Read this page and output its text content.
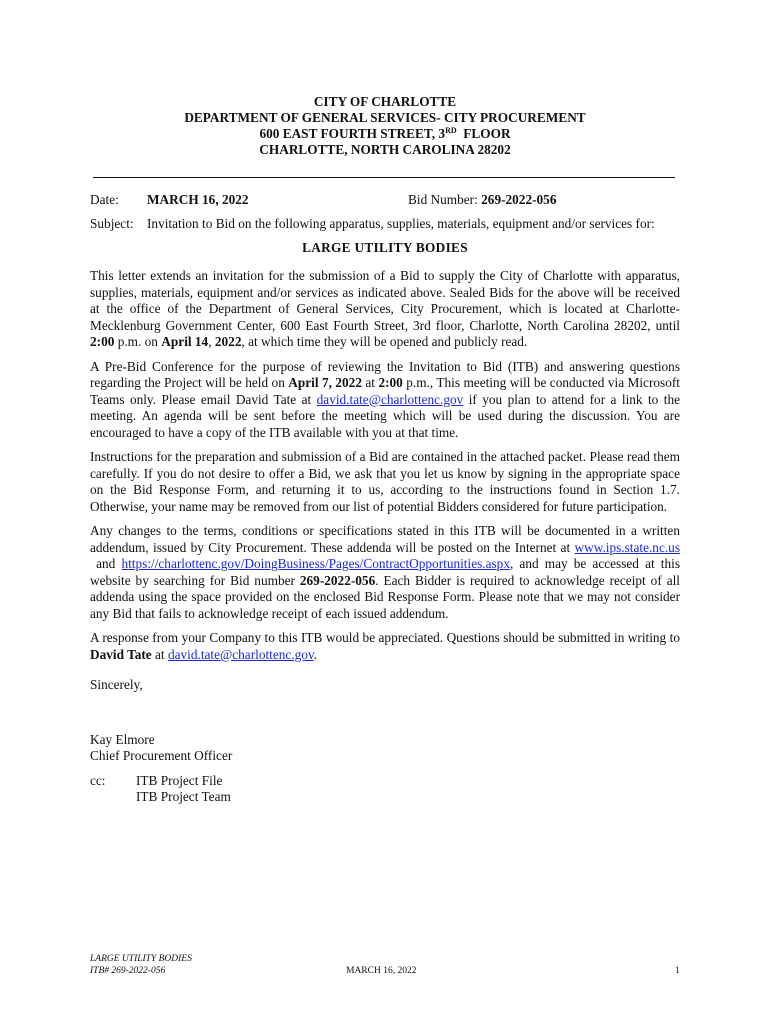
CITY OF CHARLOTTE
DEPARTMENT OF GENERAL SERVICES- CITY PROCUREMENT
600 EAST FOURTH STREET, 3RD  FLOOR
CHARLOTTE, NORTH CAROLINA 28202
Date: MARCH 16, 2022	Bid Number: 269-2022-056
Subject: Invitation to Bid on the following apparatus, supplies, materials, equipment and/or services for:
LARGE UTILITY BODIES

This letter extends an invitation for the submission of a Bid to supply the City of Charlotte with apparatus, supplies, materials, equipment and/or services as indicated above. Sealed Bids for the above will be received at the office of the Department of General Services, City Procurement, which is located at Charlotte-Mecklenburg Government Center, 600 East Fourth Street, 3rd floor, Charlotte, North Carolina 28202, until 2:00 p.m. on April 14, 2022, at which time they will be opened and publicly read.

A Pre-Bid Conference for the purpose of reviewing the Invitation to Bid (ITB) and answering questions regarding the Project will be held on April 7, 2022 at 2:00 p.m., This meeting will be conducted via Microsoft Teams only. Please email David Tate at david.tate@charlottenc.gov if you plan to attend for a link to the meeting. An agenda will be sent before the meeting which will be used during the discussion. You are encouraged to have a copy of the ITB available with you at that time.

Instructions for the preparation and submission of a Bid are contained in the attached packet. Please read them carefully. If you do not desire to offer a Bid, we ask that you let us know by signing in the appropriate space on the Bid Response Form, and returning it to us, according to the instructions found in Section 1.7. Otherwise, your name may be removed from our list of potential Bidders considered for future participation.

Any changes to the terms, conditions or specifications stated in this ITB will be documented in a written addendum, issued by City Procurement. These addenda will be posted on the Internet at www.ips.state.nc.us and https://charlottenc.gov/DoingBusiness/Pages/ContractOpportunities.aspx, and may be accessed at this website by searching for Bid number 269-2022-056. Each Bidder is required to acknowledge receipt of all addenda using the space provided on the enclosed Bid Response Form. Please note that we may not consider any Bid that fails to acknowledge receipt of each issued addendum.

A response from your Company to this ITB would be appreciated. Questions should be submitted in writing to David Tate at david.tate@charlottenc.gov.

Sincerely,

Kay Elmore

Chief Procurement Officer

cc: ITB Project File
ITB Project Team
LARGE UTILITY BODIES
ITB# 269-2022-056	MARCH 16, 2022	1
